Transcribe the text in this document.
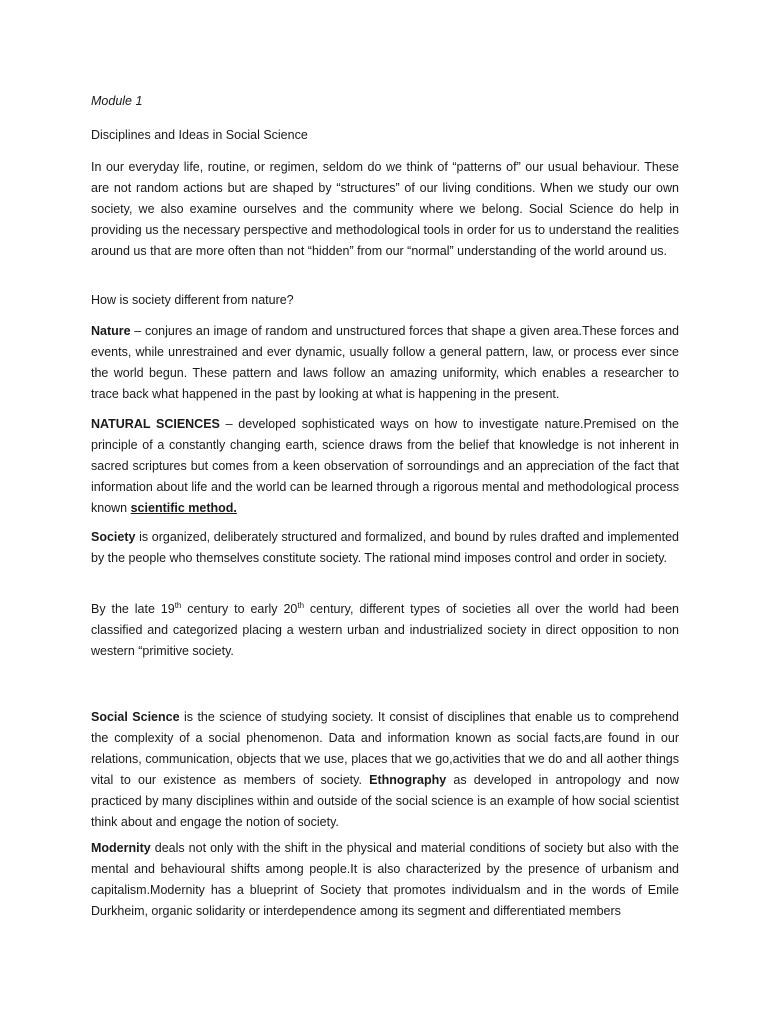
Module 1
Disciplines and Ideas in Social Science

In our everyday life, routine, or regimen, seldom do we think of “patterns of” our usual behaviour. These are not random actions but are shaped by “structures” of our living conditions. When we study our own society, we also examine ourselves and the community where we belong. Social Science do help in providing us the necessary perspective and methodological tools in order for us to understand the realities around us that are more often than not “hidden” from our “normal” understanding of the world around us.

How is society different from nature?

Nature – conjures an image of random and unstructured forces that shape a given area.These forces and events, while unrestrained and ever dynamic, usually follow a general pattern, law, or process ever since the world begun. These pattern and laws follow an amazing uniformity, which enables a researcher to trace back what happened in the past by looking at what is happening in the present.

NATURAL SCIENCES – developed sophisticated ways on how to investigate nature.Premised on the principle of a constantly changing earth, science draws from the belief that knowledge is not inherent in sacred scriptures but comes from a keen observation of sorroundings and an appreciation of the fact that information about life and the world can be learned through a rigorous mental and methodological process known scientific method.

Society is organized, deliberately structured and formalized, and bound by rules drafted and implemented by the people who themselves constitute society. The rational mind imposes control and order in society.

By the late 19th century to early 20th century, different types of societies all over the world had been classified and categorized placing a western urban and industrialized society in direct opposition to non western “primitive society.

Social Science is the science of studying society. It consist of disciplines that enable us to comprehend the complexity of a social phenomenon. Data and information known as social facts,are found in our relations, communication, objects that we use, places that we go,activities that we do and all aother things vital to our existence as members of society. Ethnography as developed in antropology and now practiced by many disciplines within and outside of the social science is an example of how social scientist think about and engage the notion of society.

Modernity deals not only with the shift in the physical and material conditions of society but also with the mental and behavioural shifts among people.It is also characterized by the presence of urbanism and capitalism.Modernity has a blueprint of Society that promotes individualsm and in the words of Emile Durkheim, organic solidarity or interdependence among its segment and differentiated members
